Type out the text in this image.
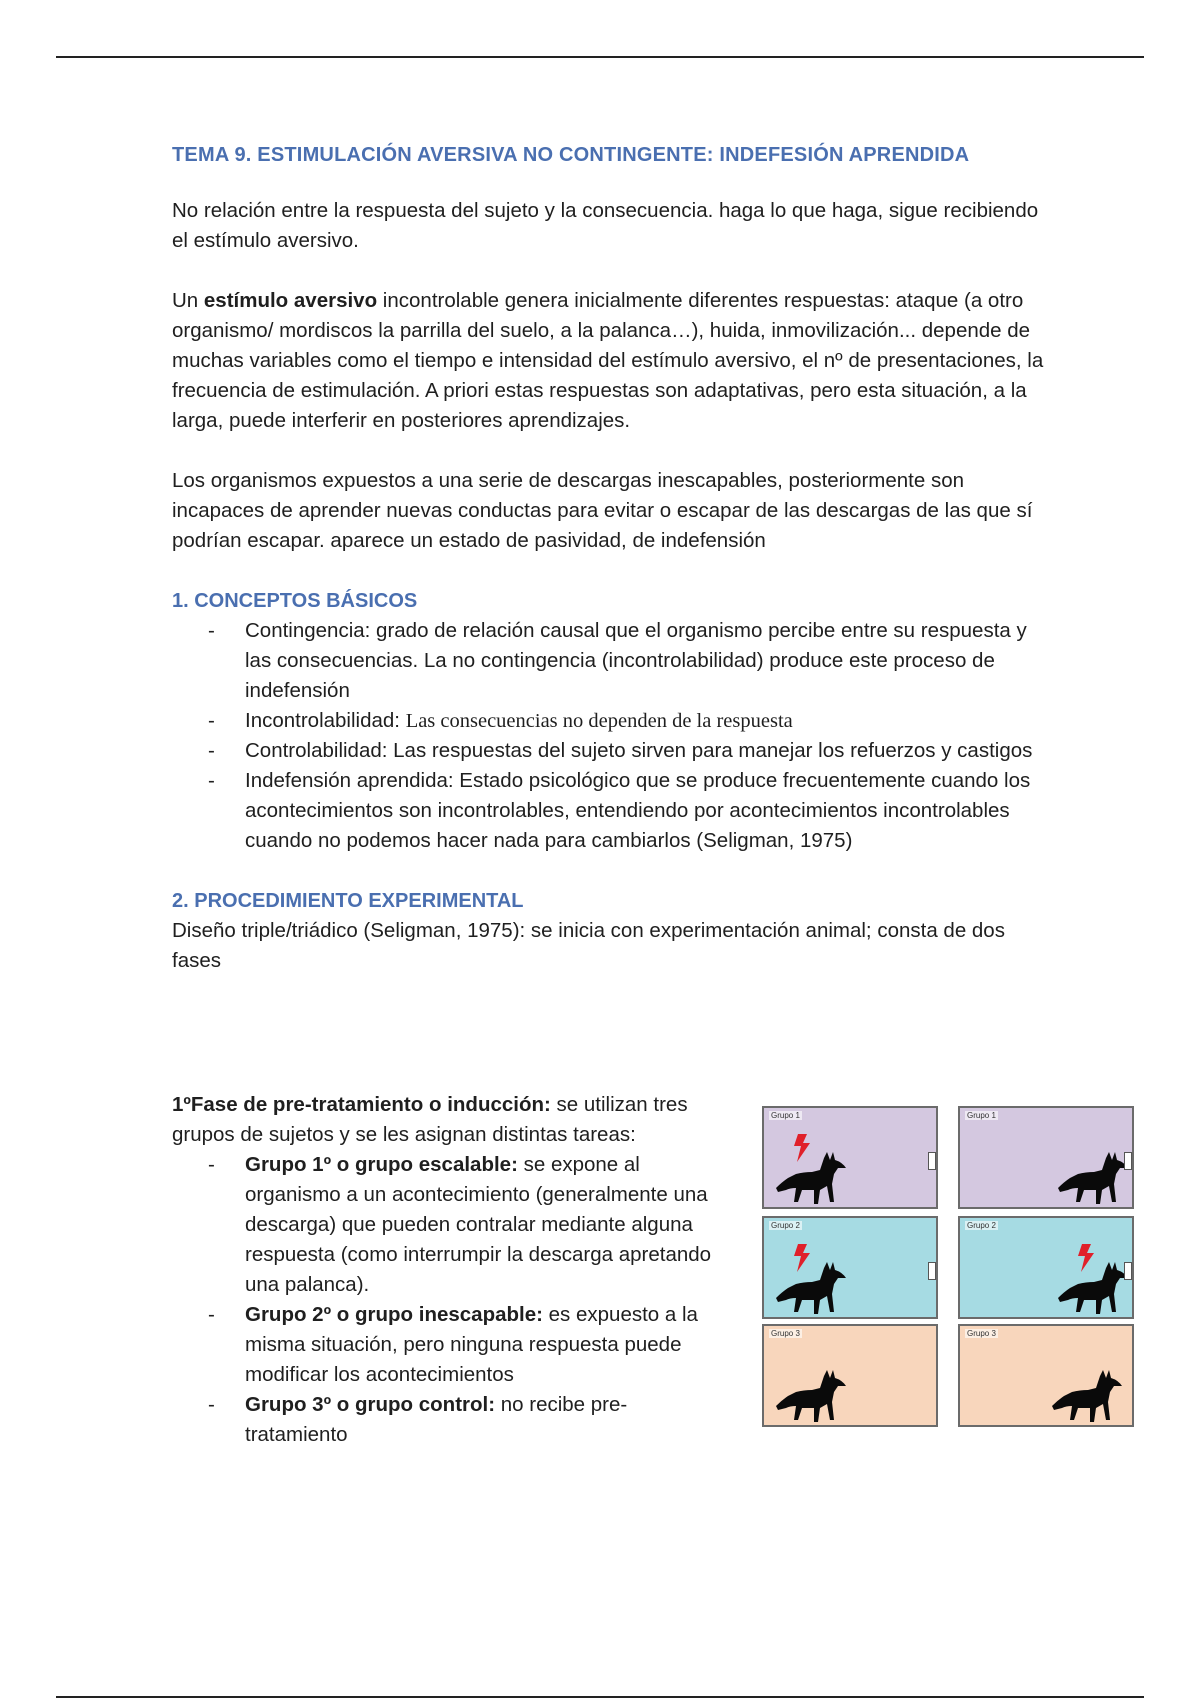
TEMA 9. ESTIMULACIÓN AVERSIVA NO CONTINGENTE: INDEFESIÓN APRENDIDA

No relación entre la respuesta del sujeto y la consecuencia. haga lo que haga, sigue recibiendo el estímulo aversivo.

Un estímulo aversivo incontrolable genera inicialmente diferentes respuestas: ataque (a otro organismo/ mordiscos la parrilla del suelo, a la palanca…), huida, inmovilización... depende de muchas variables como el tiempo e intensidad del estímulo aversivo, el nº de presentaciones, la frecuencia de estimulación. A priori estas respuestas son adaptativas, pero esta situación, a la larga, puede interferir en posteriores aprendizajes.

Los organismos expuestos a una serie de descargas inescapables, posteriormente son incapaces de aprender nuevas conductas para evitar o escapar de las descargas de las que sí podrían escapar. aparece un estado de pasividad, de indefensión

1. CONCEPTOS BÁSICOS
- Contingencia: grado de relación causal que el organismo percibe entre su respuesta y las consecuencias. La no contingencia (incontrolabilidad) produce este proceso de indefensión
- Incontrolabilidad: Las consecuencias no dependen de la respuesta
- Controlabilidad: Las respuestas del sujeto sirven para manejar los refuerzos y castigos
- Indefensión aprendida: Estado psicológico que se produce frecuentemente cuando los acontecimientos son incontrolables, entendiendo por acontecimientos incontrolables cuando no podemos hacer nada para cambiarlos (Seligman, 1975)
2. PROCEDIMIENTO EXPERIMENTAL

Diseño triple/triádico (Seligman, 1975): se inicia con experimentación animal; consta de dos fases

1ºFase de pre-tratamiento o inducción: se utilizan tres grupos de sujetos y se les asignan distintas tareas:

- Grupo 1º o grupo escalable: se expone al organismo a un acontecimiento (generalmente una descarga) que pueden contralar mediante alguna respuesta (como interrumpir la descarga apretando una palanca).
- Grupo 2º o grupo inescapable: es expuesto a la misma situación, pero ninguna respuesta puede modificar los acontecimientos
- Grupo 3º o grupo control: no recibe pre-tratamiento
Grupo 1	Grupo 1
Grupo 2	Grupo 2
Grupo 3	Grupo 3
